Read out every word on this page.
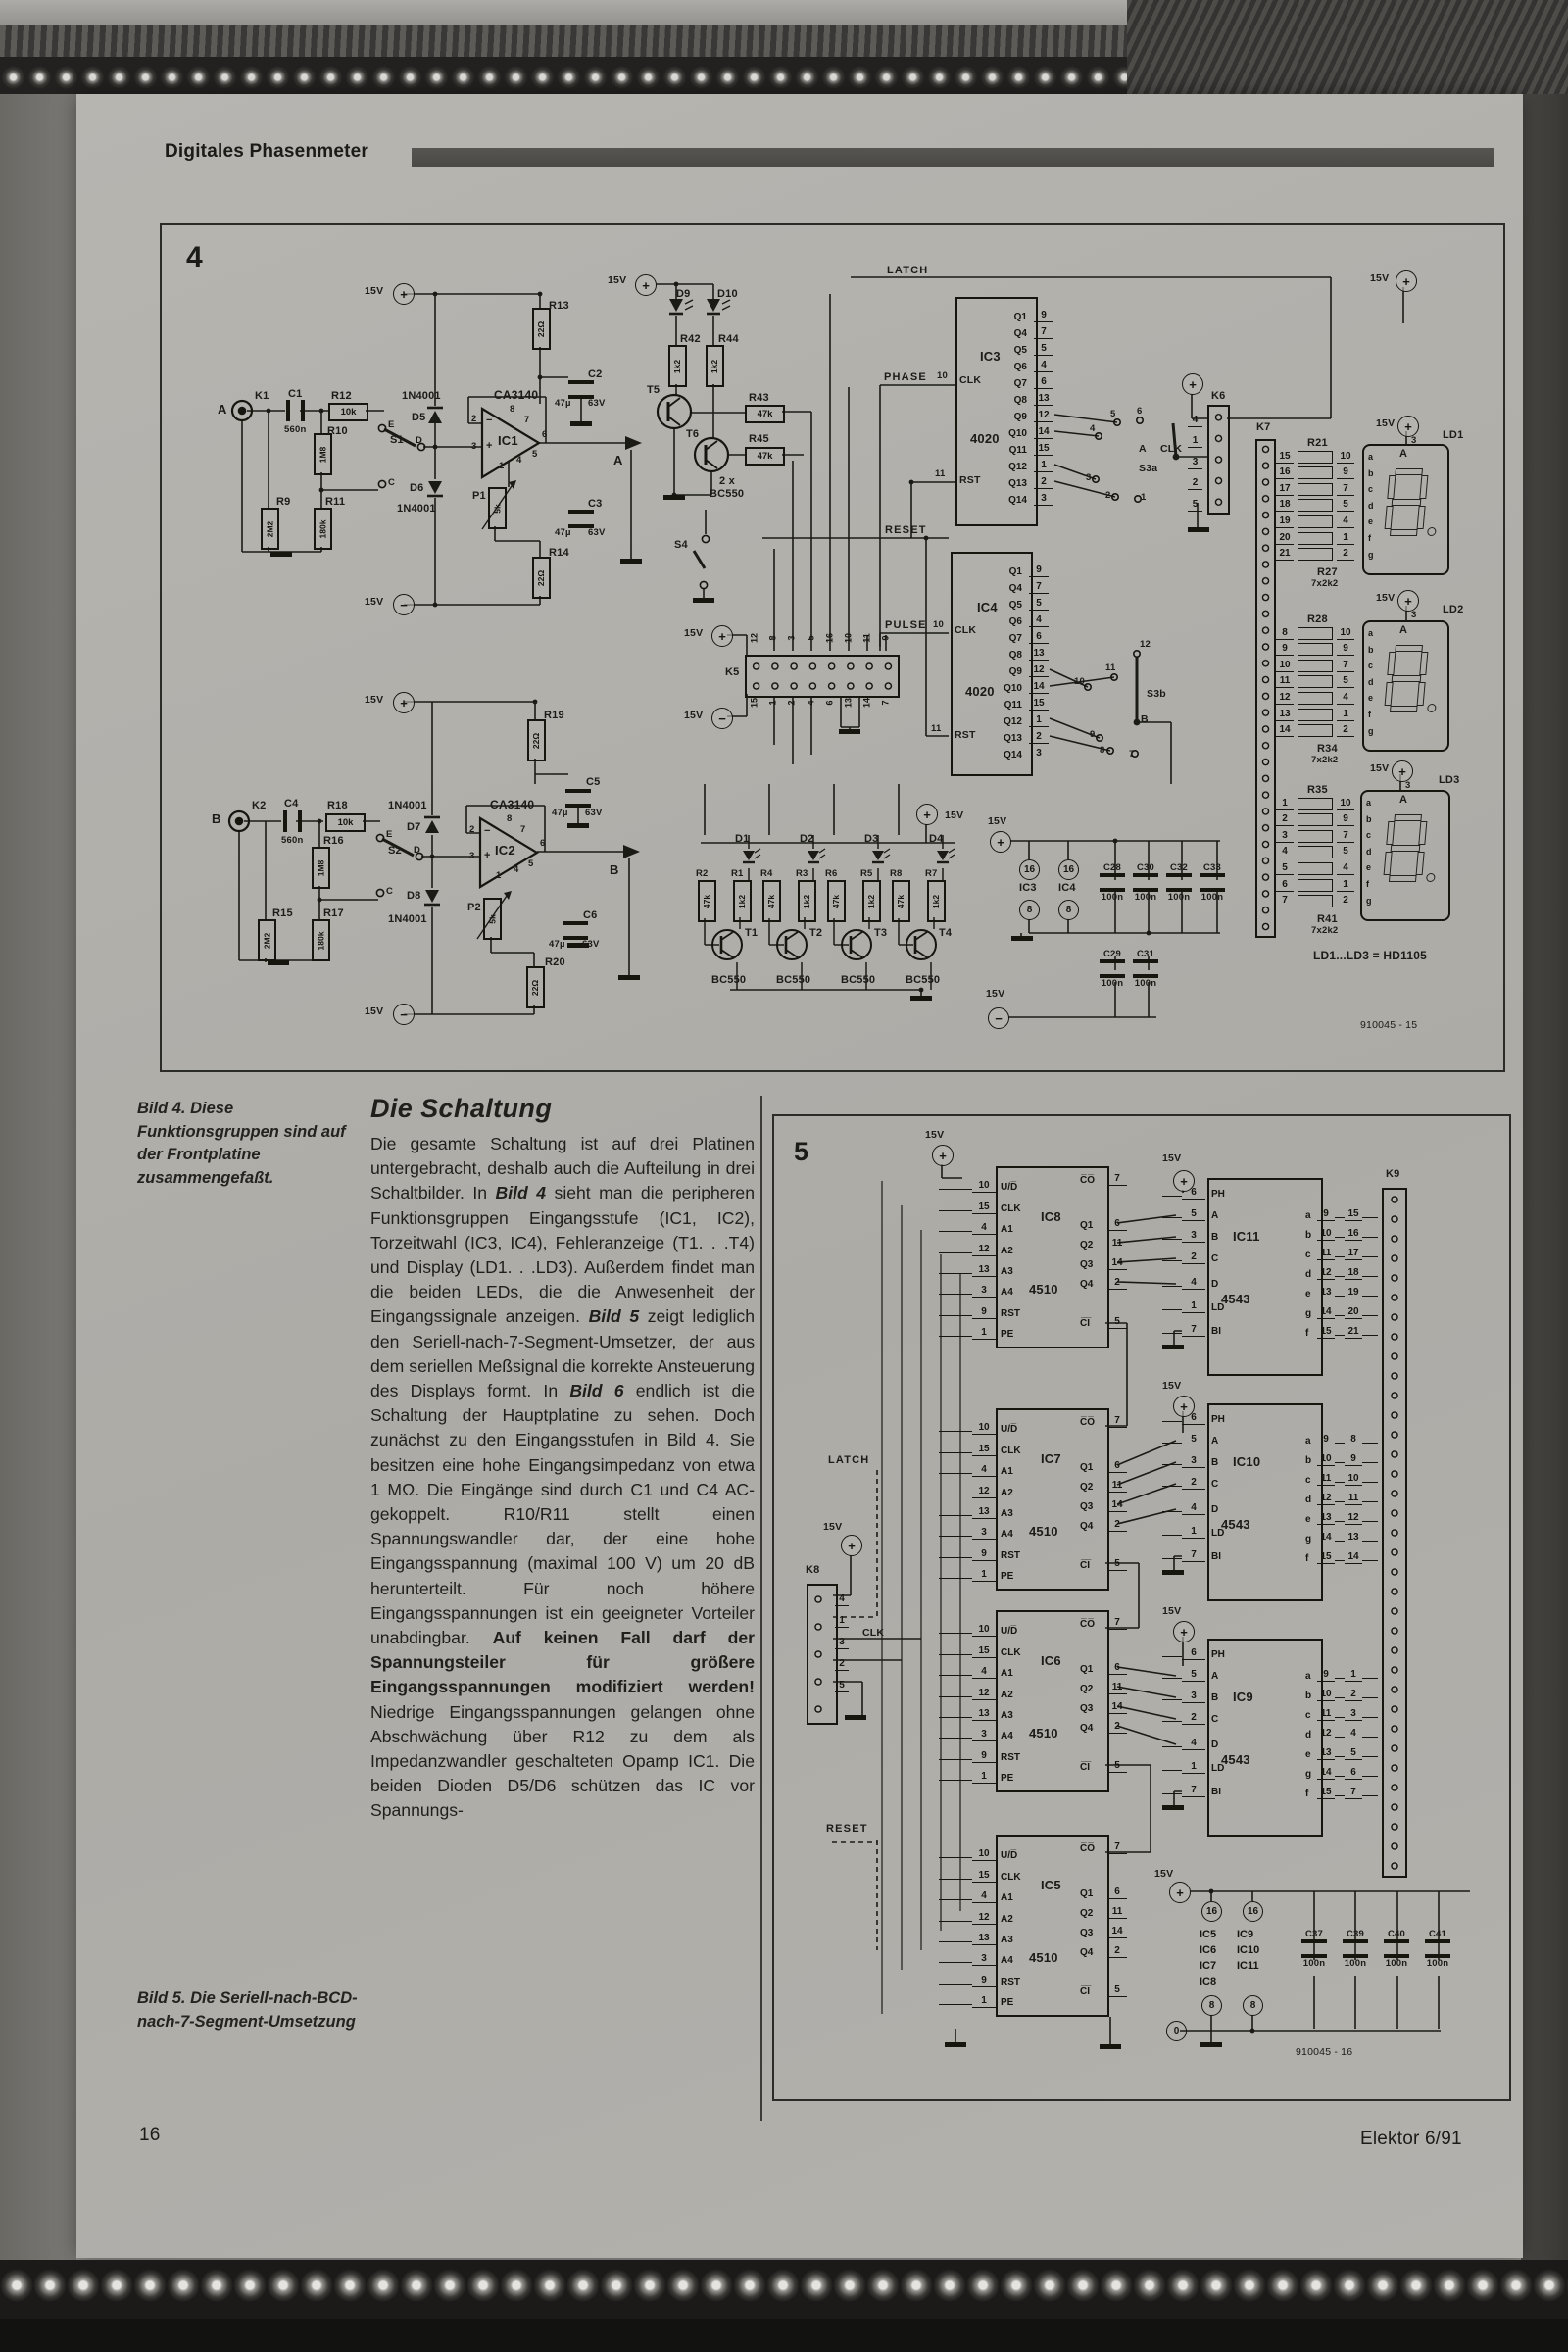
Digitales Phasenmeter
16	Elektor 6/91
Bild 4. Diese Funktionsgruppen sind auf der Frontplatine zusammengefaßt.
Bild 5. Die Seriell-nach-BCD-nach-7-Segment-Umsetzung
Die Schaltung

Die gesamte Schaltung ist auf drei Platinen untergebracht, deshalb auch die Aufteilung in drei Schaltbilder. In Bild 4 sieht man die peripheren Funktionsgruppen Eingangsstufe (IC1, IC2), Torzeitwahl (IC3, IC4), Fehleranzeige (T1. . .T4) und Display (LD1. . .LD3). Außerdem findet man die beiden LEDs, die die Anwesenheit der Eingangssignale anzeigen. Bild 5 zeigt lediglich den Seriell-nach-7-Segment-Umsetzer, der aus dem seriellen Meßsignal die korrekte Ansteuerung des Displays formt. In Bild 6 endlich ist die Schaltung der Hauptplatine zu sehen. Doch zunächst zu den Eingangsstufen in Bild 4. Sie besitzen eine hohe Eingangsimpedanz von etwa 1 MΩ. Die Eingänge sind durch C1 und C4 AC-gekoppelt. R10/R11 stellt einen Spannungswandler dar, der eine hohe Eingangsspannung (maximal 100 V) um 20 dB herunterteilt. Für noch höhere Eingangsspannungen ist ein geeigneter Vorteiler unabdingbar. Auf keinen Fall darf der Spannungsteiler für größere Eingangsspannungen modifiziert werden! Niedrige Eingangsspannungen gelangen ohne Abschwächung über R12 zu dem als Impedanzwandler geschalteten Opamp IC1. Die beiden Dioden D5/D6 schützen das IC vor Spannungs-

4
5
A
K1 C1
560n
R12
10k
R10
1M8
R9
2M2
R11
180k
E
S1 D
C
1N4001
D5
D6
1N4001
CA3140
IC1
2
3
−
+
8
7
6
5
4
1
P1
5k
R13
22Ω
C2
47µ 63V
C3
47µ 63V
R14
22Ω
A
15V +
15V −
B
K2 C4
560n
R18
10k
R16
1M8
R15
2M2
R17
180k
E
S2 D
C
1N4001
D7
D8
1N4001
CA3140
IC2
2
3
−
+
8
7
6
5
4
1
P2
5k
R19
22Ω
C5
47µ 63V
C6
47µ 63V
R20
22Ω
B
15V +
15V −
15V +
D9	D10
R42
1k2
R44
1k2
T5
T6
R43
47k
R45
47k
2 x
BC550
S4
LATCH
PHASE
RESET
PULSE
IC3
4020
10 CLK
11
RST
Q1	9
Q4	7
Q5	5
Q6	4
Q7	6
Q8	13
Q9	12
Q10	14
Q11	15
Q12	1
Q13	2
Q14	3
IC4
4020
10 CLK
11
RST
Q1	9
Q4	7
Q5	5
Q6	4
Q7	6
Q8	13
Q9	12
Q10	14
Q11	15
Q12	1
Q13	2
Q14	3
5 6
4
A CLK
S3a
3
2	1
11
12
10
S3b
B
9
8	7
K6
+
4
1
3
2
5
K5
12 8 3 5 16 10 11 9
15 1 2 4 6 13 14 7
15V +
15V −
D1
R2
47k
R1
1k2
T1
BC550
D2
R4
47k
R3
1k2
T2
BC550
D3
R6
47k
R5
1k2
T3
BC550
D4
R8
47k
R7
1k2
T4
BC550
15V
+	15V
+
16	16
IC3 IC4
8	8
C28
100n
C30
100n
C32
100n
C33
100n
C29
100n
C31
100n
15V
−
K7
15V +
R21
15	10
16	9
17	7
18	5
19	4
20	1
21	2
R27
7x2k2
15V +
3 LD1
A
a
b
c
d
e
f
g
R28
8	10
9	9
10	7
11	5
12	4
13	1
14	2
R34
7x2k2
15V +
3 LD2
A
a
b
c
d
e
f
g
R35
1	10
2	9
3	7
4	5
5	4
6	1
7	2
R41
7x2k2
15V +
3	LD3
A
a
b
c
d
e
f
g
LD1...LD3 = HD1105
910045 - 15
15V
+
IC8
4510
10	U/D̅
15	CLK
4	A1
12	A2
13	A3
3	A4
9	RST
1	PE
C̅O̅	7
Q1	6
Q2	11
Q3	14
Q4	2
C̅I̅	5
IC7
4510
10	U/D̅
15	CLK
4	A1
12	A2
13	A3
3	A4
9	RST
1	PE
C̅O̅	7
Q1	6
Q2	11
Q3	14
Q4	2
C̅I̅	5
IC6
4510
10	U/D̅
15	CLK
4	A1
12	A2
13	A3
3	A4
9	RST
1	PE
C̅O̅	7
Q1	6
Q2	11
Q3	14
Q4	2
C̅I̅	5
IC5
4510
10	U/D̅
15	CLK
4	A1
12	A2
13	A3
3	A4
9	RST
1	PE
C̅O̅	7
Q1	6
Q2	11
Q3	14
Q4	2
C̅I̅	5
15V
+
IC11
4543
6	PH
5	A
3	B
2	C
4	D
1	LD
7	BI
a	9	15
b 10	16
c	11	17
d 12	18
e 13	19
g 14	20
f	15	21
15V
+
IC10
4543
6	PH
5	A
3	B
2	C
4	D
1	LD
7	BI
a	9	8
b 10	9
c	11	10
d 12	11
e 13	12
g 14	13
f	15	14
15V
+
IC9
4543
6	PH
5	A
3	B
2	C
4	D
1	LD
7	BI
a	9	1
b 10	2
c	11	3
d 12	4
e 13	5
g 14	6
f	15	7
LATCH
15V
+
K8
4
1
3
2
5
CLK
RESET
K9
15V
+
16	16
IC5
IC6
IC7
IC8
IC9
IC10
IC11
8	8
0
C37
100n
C39
100n
C40
100n
C41
100n
910045 - 16
